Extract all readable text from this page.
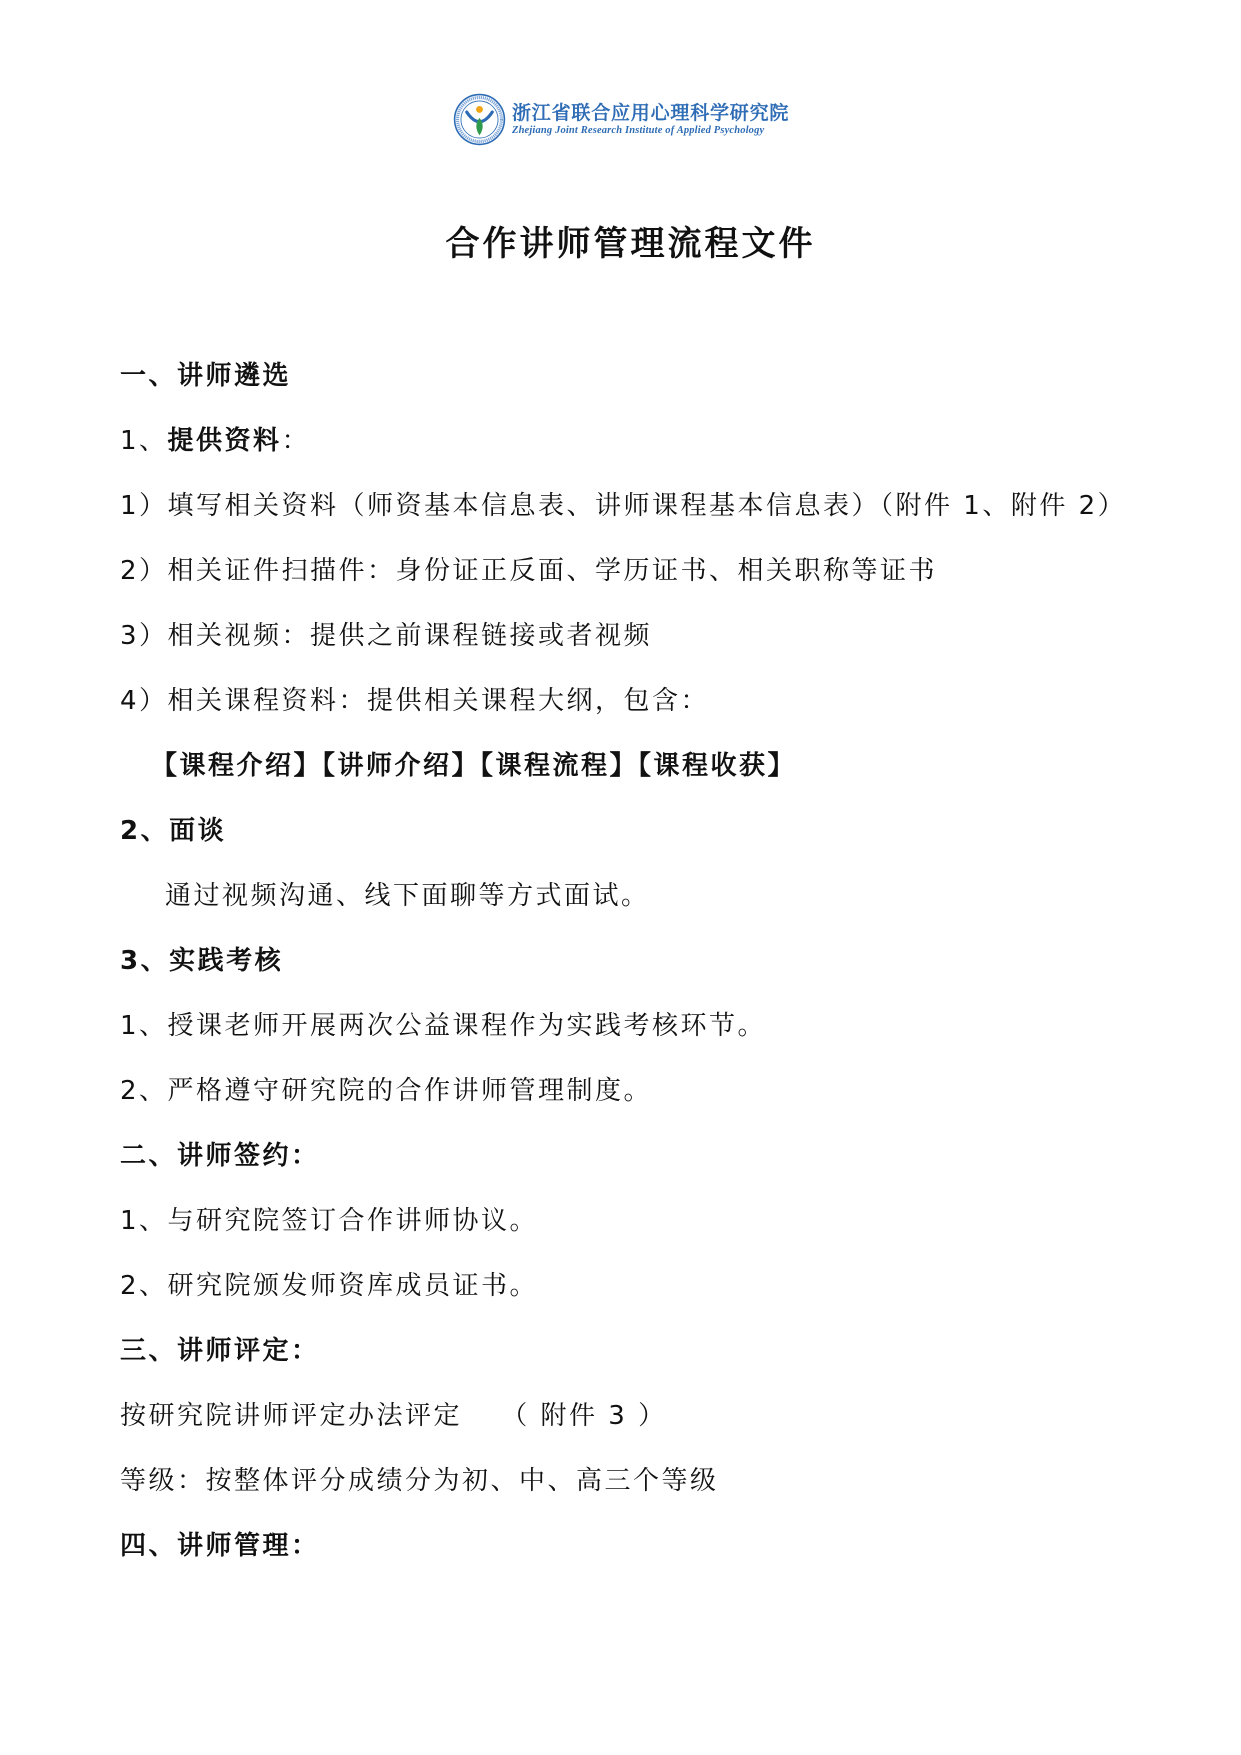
浙江省联合应用心理科学研究院
Zhejiang Joint Research Institute of Applied Psychology
合作讲师管理流程文件
一、讲师遴选
1、提供资料：
1）填写相关资料（师资基本信息表、讲师课程基本信息表）（附件 1、附件 2）
2）相关证件扫描件：身份证正反面、学历证书、相关职称等证书
3）相关视频：提供之前课程链接或者视频
4）相关课程资料：提供相关课程大纲，包含：
【课程介绍】【讲师介绍】【课程流程】【课程收获】
2、面谈
通过视频沟通、线下面聊等方式面试。
3、实践考核
1、授课老师开展两次公益课程作为实践考核环节。
2、严格遵守研究院的合作讲师管理制度。
二、讲师签约：
1、与研究院签订合作讲师协议。
2、研究院颁发师资库成员证书。
三、讲师评定：
按研究院讲师评定办法评定　 （ 附件 3 ）
等级：按整体评分成绩分为初、中、高三个等级
四、讲师管理：
